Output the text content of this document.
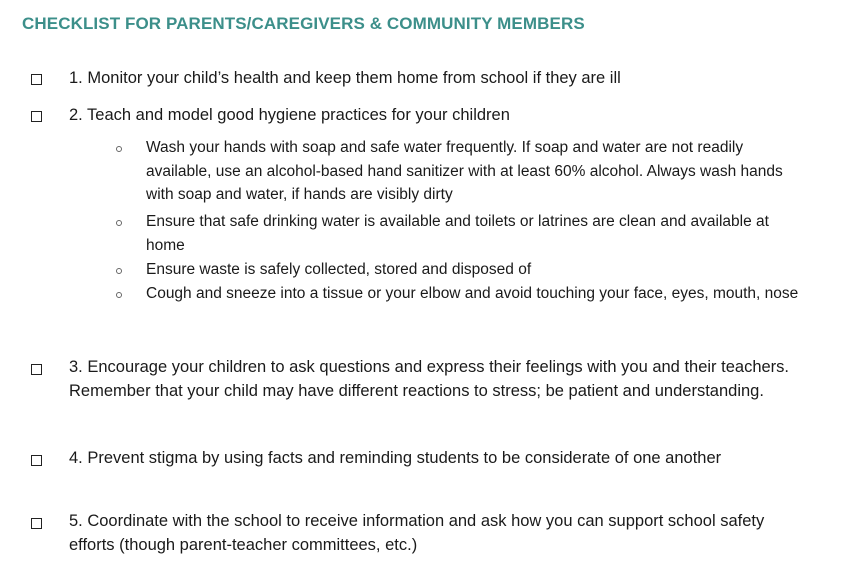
CHECKLIST FOR PARENTS/CAREGIVERS & COMMUNITY MEMBERS
1. Monitor your child’s health and keep them home from school if they are ill
2. Teach and model good hygiene practices for your children
Wash your hands with soap and safe water frequently. If soap and water are not readily available, use an alcohol-based hand sanitizer with at least 60% alcohol. Always wash hands with soap and water, if hands are visibly dirty
Ensure that safe drinking water is available and toilets or latrines are clean and available at home
Ensure waste is safely collected, stored and disposed of
Cough and sneeze into a tissue or your elbow and avoid touching your face, eyes, mouth, nose
3. Encourage your children to ask questions and express their feelings with you and their teachers. Remember that your child may have different reactions to stress; be patient and understanding.
4. Prevent stigma by using facts and reminding students to be considerate of one another
5. Coordinate with the school to receive information and ask how you can support school safety efforts (though parent-teacher committees, etc.)
